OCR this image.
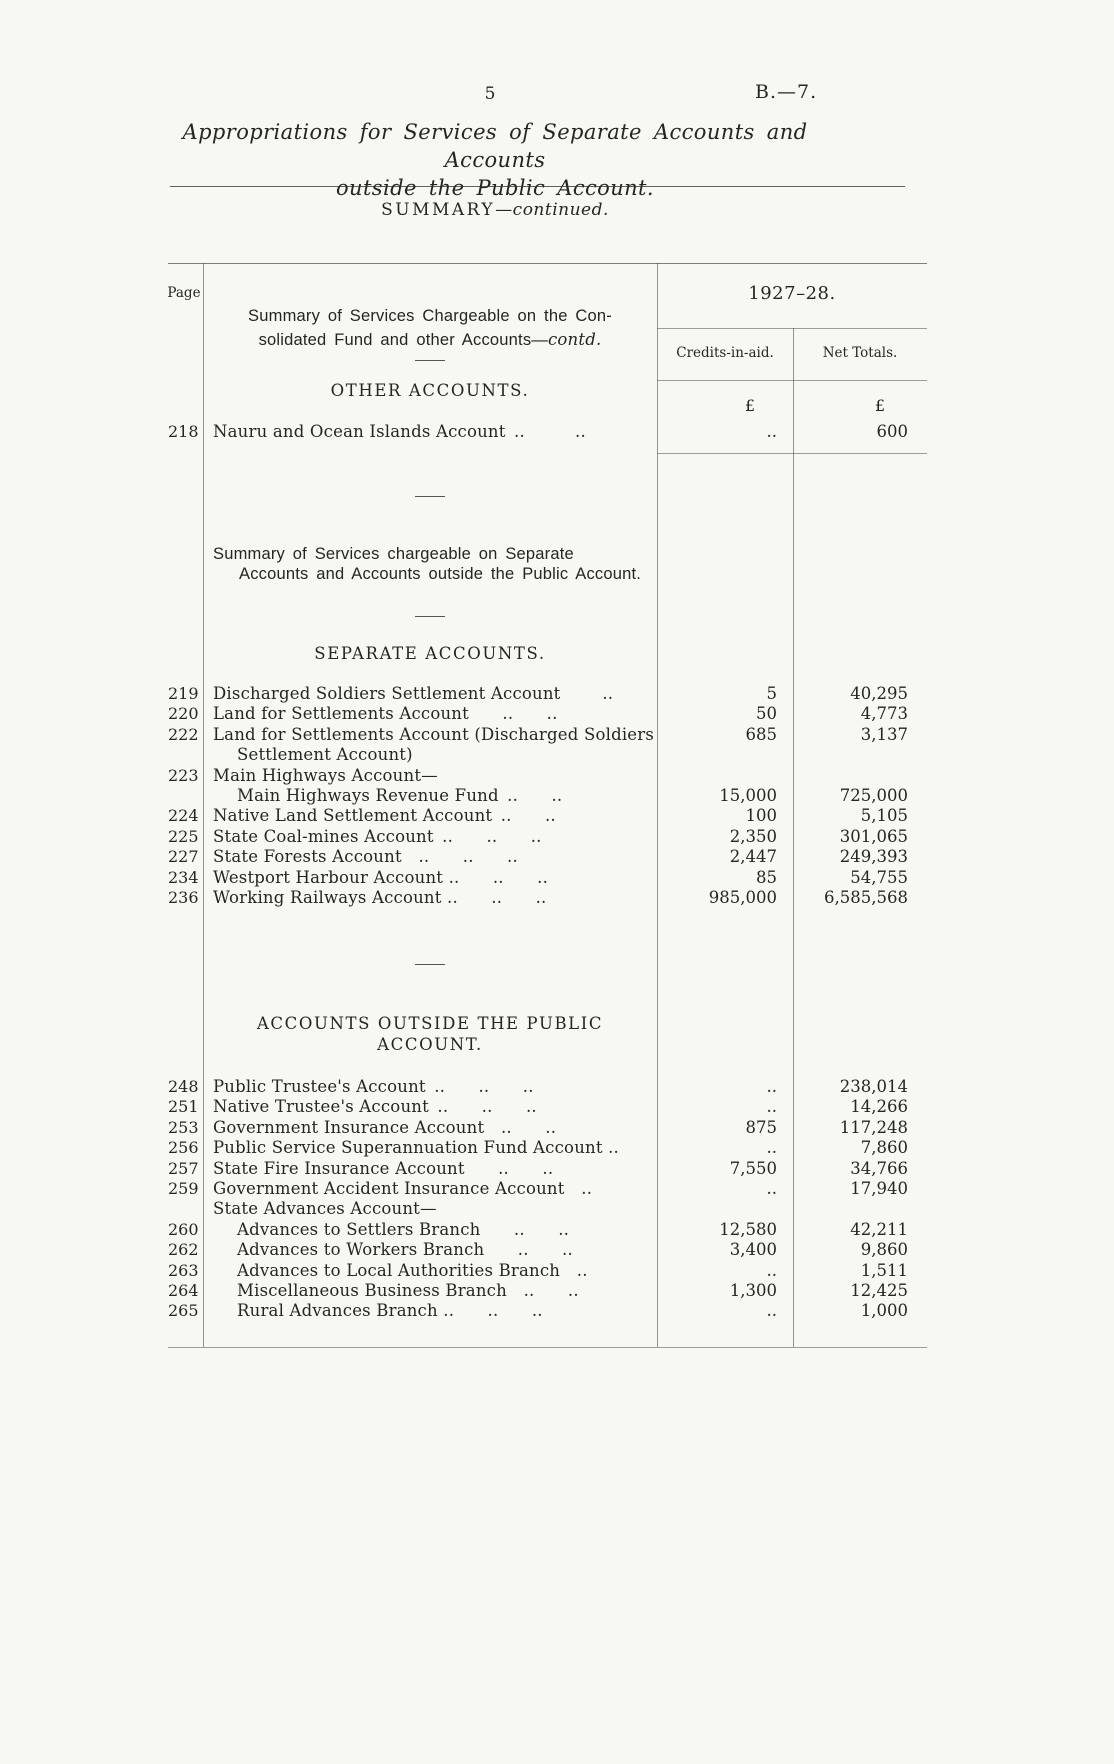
5	B.—7.
Appropriations for Services of Separate Accounts and Accounts
outside the Public Account.
SUMMARY—continued.
Page
Summary of Services Chargeable on the Con-
solidated Fund and other Accounts—contd.
1927–28.
Credits-in-aid.	Net Totals.
£	£
OTHER ACCOUNTS.
218 Nauru and Ocean Islands Account ..   ..	..	600
Summary of Services chargeable on Separate Accounts and Accounts outside the Public Account.
SEPARATE ACCOUNTS.
219 Discharged Soldiers Settlement Account   ..	5	40,295
220 Land for Settlements Account  ..  ..	50	4,773
222 Land for Settlements Account (Discharged Soldiers
Settlement Account)
685	3,137
223 Main Highways Account—
Main Highways Revenue Fund ..  ..	15,000	725,000
224 Native Land Settlement Account ..  ..	100	5,105
225 State Coal-mines Account ..  ..  ..	2,350	301,065
227 State Forests Account ..  ..  ..	2,447	249,393
234 Westport Harbour Account ..  ..  ..	85	54,755
236 Working Railways Account ..  ..  ..	985,000	6,585,568
ACCOUNTS OUTSIDE THE PUBLIC
ACCOUNT.
248 Public Trustee's Account ..  ..  ..	..	238,014
251 Native Trustee's Account ..  ..  ..	..	14,266
253 Government Insurance Account ..  ..	875	117,248
256 Public Service Superannuation Fund Account ..	..	7,860
257 State Fire Insurance Account  ..  ..	7,550	34,766
259 Government Accident Insurance Account ..	..	17,940
State Advances Account—
260	Advances to Settlers Branch  ..  ..	12,580	42,211
262	Advances to Workers Branch  ..  ..	3,400	9,860
263	Advances to Local Authorities Branch ..	..	1,511
264	Miscellaneous Business Branch ..  ..	1,300	12,425
265	Rural Advances Branch ..  ..  ..	..	1,000
